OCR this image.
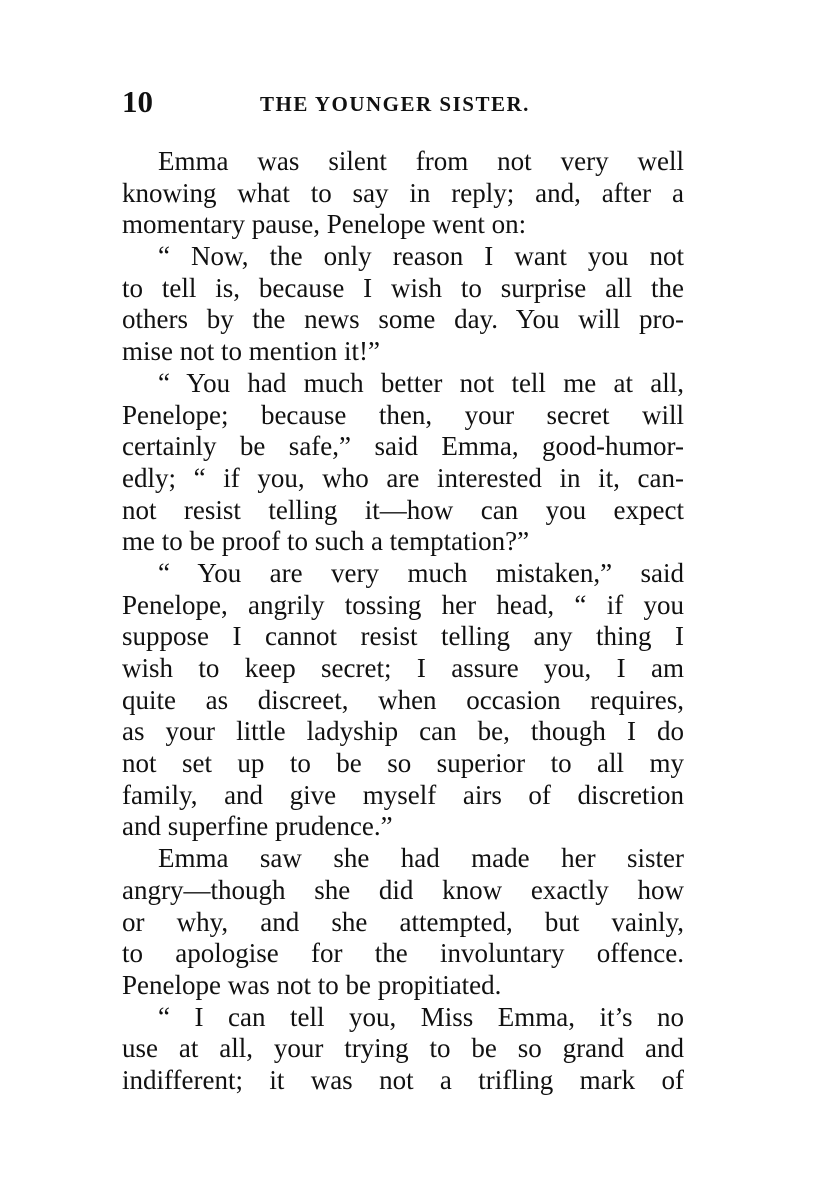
10	THE YOUNGER SISTER.
Emma was silent from not very well
knowing what to say in reply; and, after a
momentary pause, Penelope went on:
“ Now, the only reason I want you not
to tell is, because I wish to surprise all the
others by the news some day. You will pro-
mise not to mention it!”
“ You had much better not tell me at all,
Penelope; because then, your secret will
certainly be safe,” said Emma, good-humor-
edly; “ if you, who are interested in it, can-
not resist telling it—how can you expect
me to be proof to such a temptation?”
“ You are very much mistaken,” said
Penelope, angrily tossing her head, “ if you
suppose I cannot resist telling any thing I
wish to keep secret; I assure you, I am
quite as discreet, when occasion requires,
as your little ladyship can be, though I do
not set up to be so superior to all my
family, and give myself airs of discretion
and superfine prudence.”
Emma saw she had made her sister
angry—though she did know exactly how
or why, and she attempted, but vainly,
to apologise for the involuntary offence.
Penelope was not to be propitiated.
“ I can tell you, Miss Emma, it’s no
use at all, your trying to be so grand and
indifferent; it was not a trifling mark of
